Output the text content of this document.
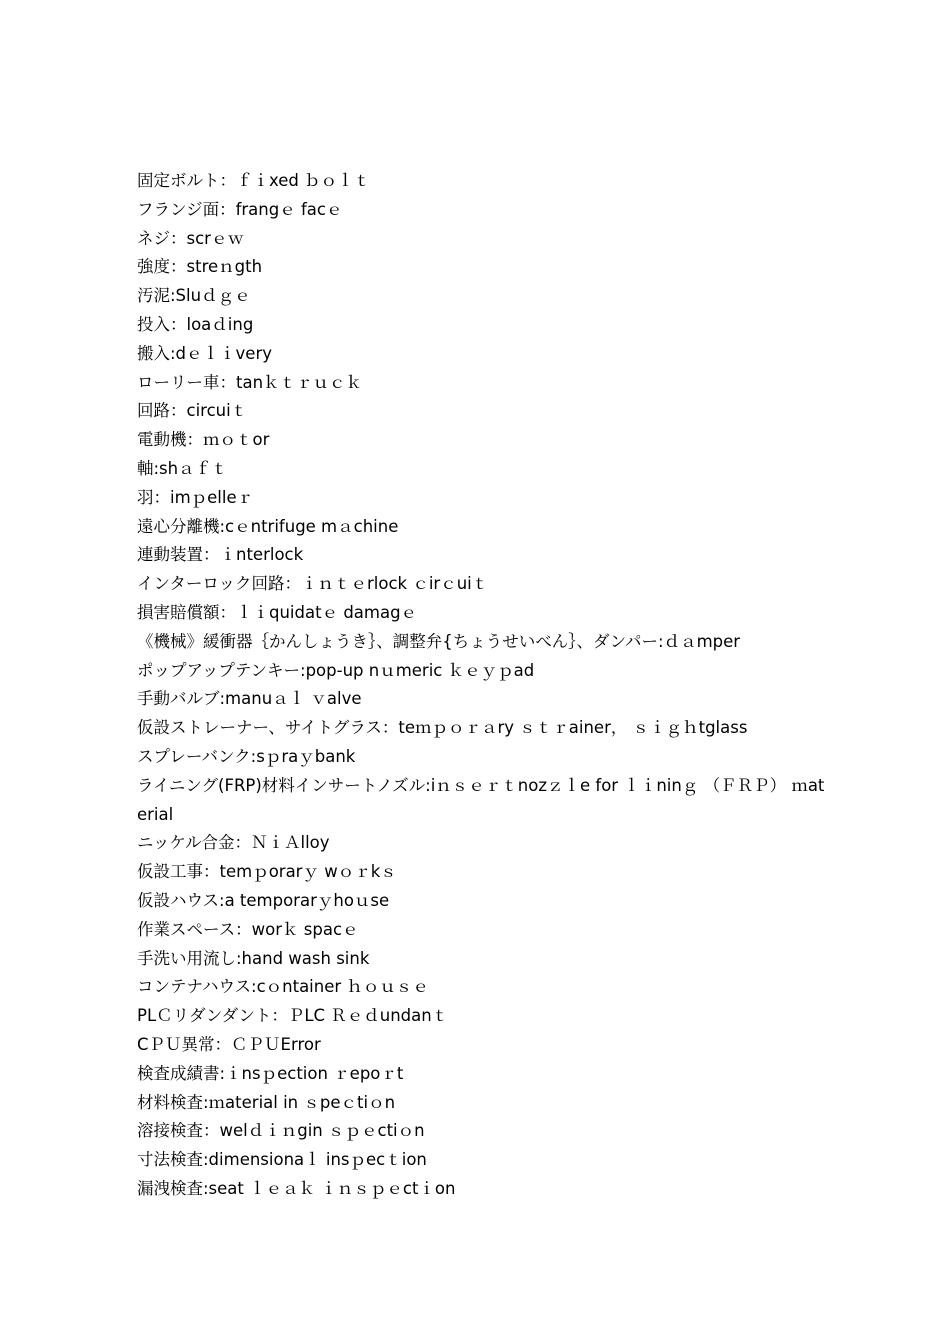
固定ボルト：ｆｉxed ｂｏｌｔ
フランジ面：frangｅ facｅ
ネジ：scrｅｗ
強度：streｎgth
汚泥:Sluｄｇｅ
投入：loaｄing
搬入:dｅｌｉvery
ローリー車：tanｋｔｒｕｃｋ
回路：circuiｔ
電動機：ｍｏｔor
軸:shａｆｔ
羽：imｐelleｒ
遠心分離機:cｅntrifuge mａchine
連動装置：ｉnterlock
インターロック回路：ｉｎｔｅrlock ｃirｃuiｔ
損害賠償額：ｌｉquidatｅ damagｅ
《機械》緩衝器｛かんしょうき｝、調整弁{ちょうせいべん｝、ダンパー:ｄａmper
ポップアップテンキー:pop-up nｕmeric ｋｅｙｐad
手動バルブ:manuａｌ ｖalve
仮設ストレーナー、サイトグラス：teｍｐｏｒａry ｓｔｒainer， ｓｉｇｈtglass
スプレーバンク:sｐraｙbank
ライニング(FRP)材料インサートノズル:iｎｓｅｒｔnozｚｌe for ｌｉninｇ （ＦＲＰ） ｍaterial
ニッケル合金：ＮｉＡlloy
仮設工事：temｐorarｙ wｏｒkｓ
仮設ハウス:a temporarｙhoｕse
作業スペース：worｋ spacｅ
手洗い用流し:hand wash sink
コンテナハウス:cｏntainer ｈｏｕｓｅ
PLＣリダンダント：ＰLC Ｒｅｄundanｔ
CＰＵ異常：ＣＰＵError
検査成績書:ｉnsｐection ｒepoｒt
材料検査:ｍaterial in ｓpeｃtiｏn
溶接検査：welｄｉｎgin ｓｐｅctiｏn
寸法検査:dimensionaｌ insｐecｔion
漏洩検査:seat ｌｅａｋ ｉｎｓｐｅctｉon
